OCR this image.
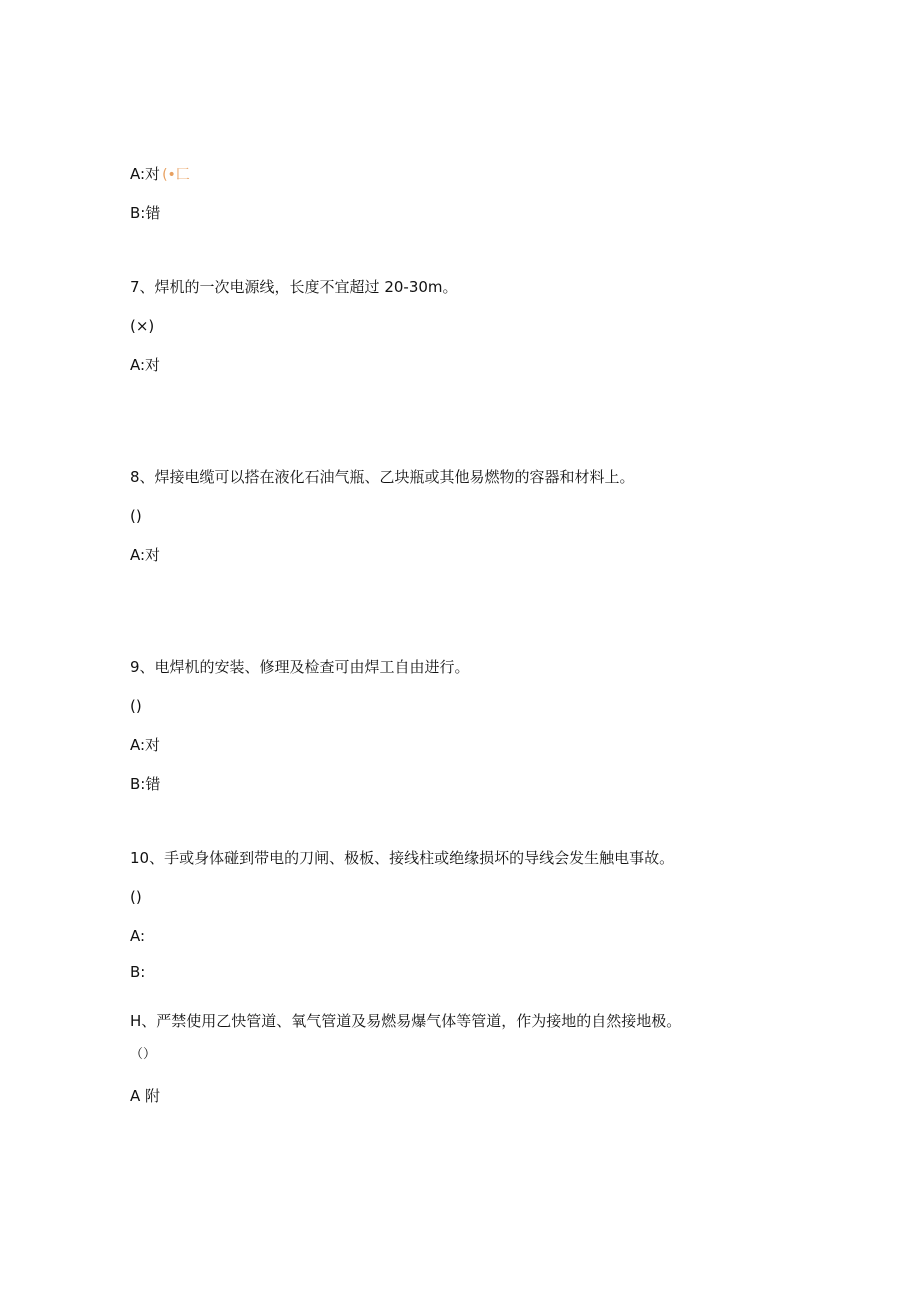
A:对 (•匚
B:错
7、焊机的一次电源线，长度不宜超过 20-30m。
(×)
A:对
8、焊接电缆可以搭在液化石油气瓶、乙块瓶或其他易燃物的容器和材料上。
()
A:对
9、电焊机的安装、修理及检查可由焊工自由进行。
()
A:对
B:错
10、手或身体碰到带电的刀闸、极板、接线柱或绝缘损坏的导线会发生触电事故。
()
A:
B:
H、严禁使用乙快管道、氧气管道及易燃易爆气体等管道，作为接地的自然接地极。
（）
A 附
